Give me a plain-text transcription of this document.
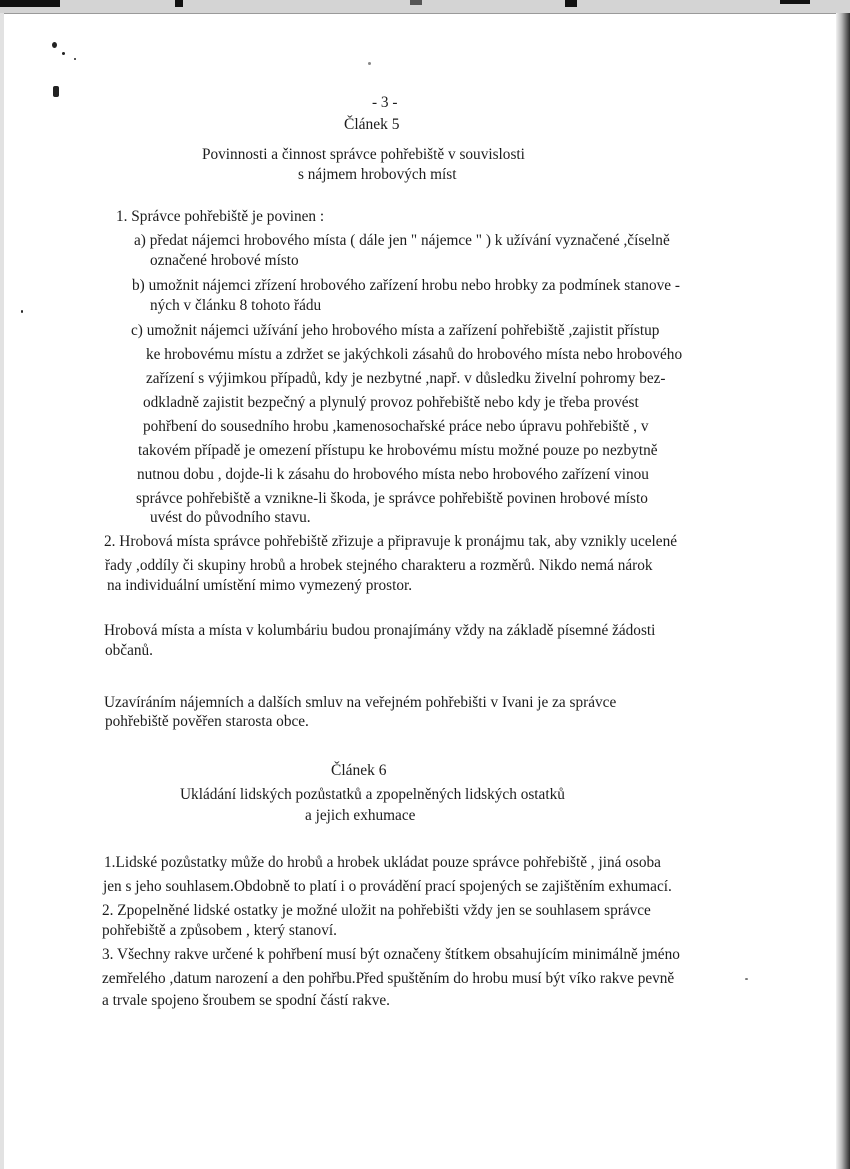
- 3 -
Článek 5
Povinnosti a činnost správce pohřebiště v souvislosti
s nájmem hrobových míst
1. Správce pohřebiště je povinen :
a) předat nájemci hrobového místa ( dále jen " nájemce " ) k užívání vyznačené ,číselně
označené hrobové místo
b) umožnit nájemci zřízení hrobového zařízení hrobu nebo hrobky za podmínek stanove -
ných v článku 8 tohoto řádu
c) umožnit nájemci užívání jeho hrobového místa a zařízení pohřebiště ,zajistit přístup
ke hrobovému místu a zdržet se jakýchkoli zásahů do hrobového místa nebo hrobového
zařízení s výjimkou případů, kdy je nezbytné ,např. v důsledku živelní pohromy bez-
odkladně zajistit bezpečný a plynulý provoz pohřebiště nebo kdy je třeba provést
pohřbení do sousedního hrobu ,kamenosochařské práce nebo úpravu pohřebiště , v
takovém případě je omezení přístupu ke hrobovému místu možné pouze po nezbytně
nutnou dobu , dojde-li k zásahu do hrobového místa nebo hrobového zařízení vinou
správce pohřebiště a vznikne-li škoda, je správce pohřebiště povinen hrobové místo
uvést do původního stavu.
2. Hrobová místa správce pohřebiště zřizuje a připravuje k pronájmu tak, aby vznikly ucelené
řady ,oddíly či skupiny hrobů a hrobek stejného charakteru a rozměrů. Nikdo nemá nárok
na individuální umístění mimo vymezený prostor.
Hrobová místa a místa v kolumbáriu budou pronajímány vždy na základě písemné žádosti
občanů.
Uzavíráním nájemních a dalších smluv na veřejném pohřebišti v Ivani je za správce
pohřebiště pověřen starosta obce.
Článek 6
Ukládání lidských pozůstatků a zpopelněných lidských ostatků
a jejich exhumace
1.Lidské pozůstatky může do hrobů a hrobek ukládat pouze správce pohřebiště , jiná osoba
jen s jeho souhlasem.Obdobně to platí i o provádění prací spojených se zajištěním exhumací.
2. Zpopelněné lidské ostatky je možné uložit na pohřebišti vždy jen se souhlasem správce
pohřebiště a způsobem , který stanoví.
3. Všechny rakve určené k pohřbení musí být označeny štítkem obsahujícím minimálně jméno
zemřelého ,datum narození a den pohřbu.Před spuštěním do hrobu musí být víko rakve pevně
a trvale spojeno šroubem se spodní částí rakve.
